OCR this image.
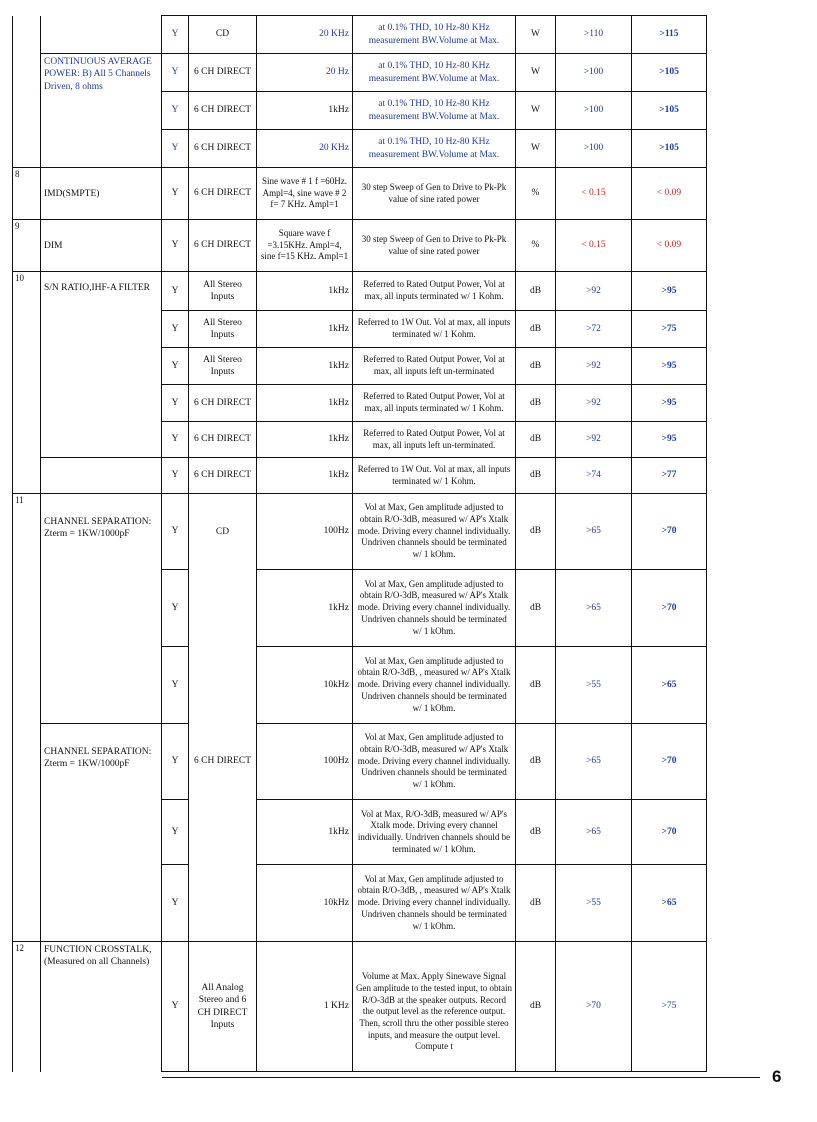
		Y	CD	20 KHz	at 0.1% THD, 10 Hz-80 KHz measurement BW.Volume at Max.	W	>110	>115	
	CONTINUOUS AVERAGE POWER: B) All 5 Channels Driven, 8 ohms	Y	6 CH DIRECT	20 Hz	at 0.1% THD, 10 Hz-80 KHz measurement BW.Volume at Max.	W	>100	>105	
		Y	6 CH DIRECT	1kHz	at 0.1% THD, 10 Hz-80 KHz measurement BW.Volume at Max.	W	>100	>105	
		Y	6 CH DIRECT	20 KHz	at 0.1% THD, 10 Hz-80 KHz measurement BW.Volume at Max.	W	>100	>105	
8	IMD(SMPTE)	Y	6 CH DIRECT	Sine wave # 1 f =60Hz. Ampl=4, sine wave # 2 f= 7 KHz. Ampl=1	30 step Sweep of Gen to Drive to Pk-Pk value of sine rated power	%	< 0.15	< 0.09	
9	DIM	Y	6 CH DIRECT	Square wave f =3.15KHz. Ampl=4, sine f=15 KHz. Ampl=1	30 step Sweep of Gen to Drive to Pk-Pk value of sine rated power	%	< 0.15	< 0.09	
10	S/N RATIO,IHF-A FILTER	Y	All Stereo Inputs	1kHz	Referred to Rated Output Power, Vol at max, all inputs terminated w/ 1 Kohm.	dB	>92	>95	
		Y	All Stereo Inputs	1kHz	Referred to 1W Out. Vol at max, all inputs terminated w/ 1 Kohm.	dB	>72	>75	
		Y	All Stereo Inputs	1kHz	Referred to Rated Output Power, Vol at max, all inputs left un-terminated	dB	>92	>95	
		Y	6 CH DIRECT	1kHz	Referred to Rated Output Power, Vol at max, all inputs terminated w/ 1 Kohm.	dB	>92	>95	
		Y	6 CH DIRECT	1kHz	Referred to Rated Output Power, Vol at max, all inputs left un-terminated.	dB	>92	>95	
		Y	6 CH DIRECT	1kHz	Referred to 1W Out. Vol at max, all inputs terminated w/ 1 Kohm.	dB	>74	>77	
11	CHANNEL SEPARATION: Zterm = 1KW/1000pF	Y	CD	100Hz	Vol at Max, Gen amplitude adjusted to obtain R/O-3dB, measured w/ AP's Xtalk mode. Driving every channel individually. Undriven channels should be terminated w/ 1 kOhm.	dB	>65	>70	
		Y		1kHz	Vol at Max, Gen amplitude adjusted to obtain R/O-3dB, measured w/ AP's Xtalk mode. Driving every channel individually. Undriven channels should be terminated w/ 1 kOhm.	dB	>65	>70	
		Y		10kHz	Vol at Max, Gen amplitude adjusted to obtain R/O-3dB, , measured w/ AP's Xtalk mode. Driving every channel individually. Undriven channels should be terminated w/ 1 kOhm.	dB	>55	>65	
	CHANNEL SEPARATION: Zterm = 1KW/1000pF	Y	6 CH DIRECT	100Hz	Vol at Max, Gen amplitude adjusted to obtain R/O-3dB, measured w/ AP's Xtalk mode. Driving every channel individually. Undriven channels should be terminated w/ 1 kOhm.	dB	>65	>70	
		Y		1kHz	Vol at Max, R/O-3dB, measured w/ AP's Xtalk mode. Driving every channel individually. Undriven channels should be terminated w/ 1 kOhm.	dB	>65	>70	
		Y		10kHz	Vol at Max, Gen amplitude adjusted to obtain R/O-3dB, , measured w/ AP's Xtalk mode. Driving every channel individually. Undriven channels should be terminated w/ 1 kOhm.	dB	>55	>65	
12	FUNCTION CROSSTALK, (Measured on all Channels)	Y	All Analog Stereo and 6 CH DIRECT Inputs	1 KHz	Volume at Max. Apply Sinewave Signal Gen amplitude to the tested input, to obtain R/O-3dB at the speaker outputs. Record the output level as the reference output. Then, scroll thru the other possible stereo inputs, and measure the output level. Compute t	dB	>70	>75	
6
